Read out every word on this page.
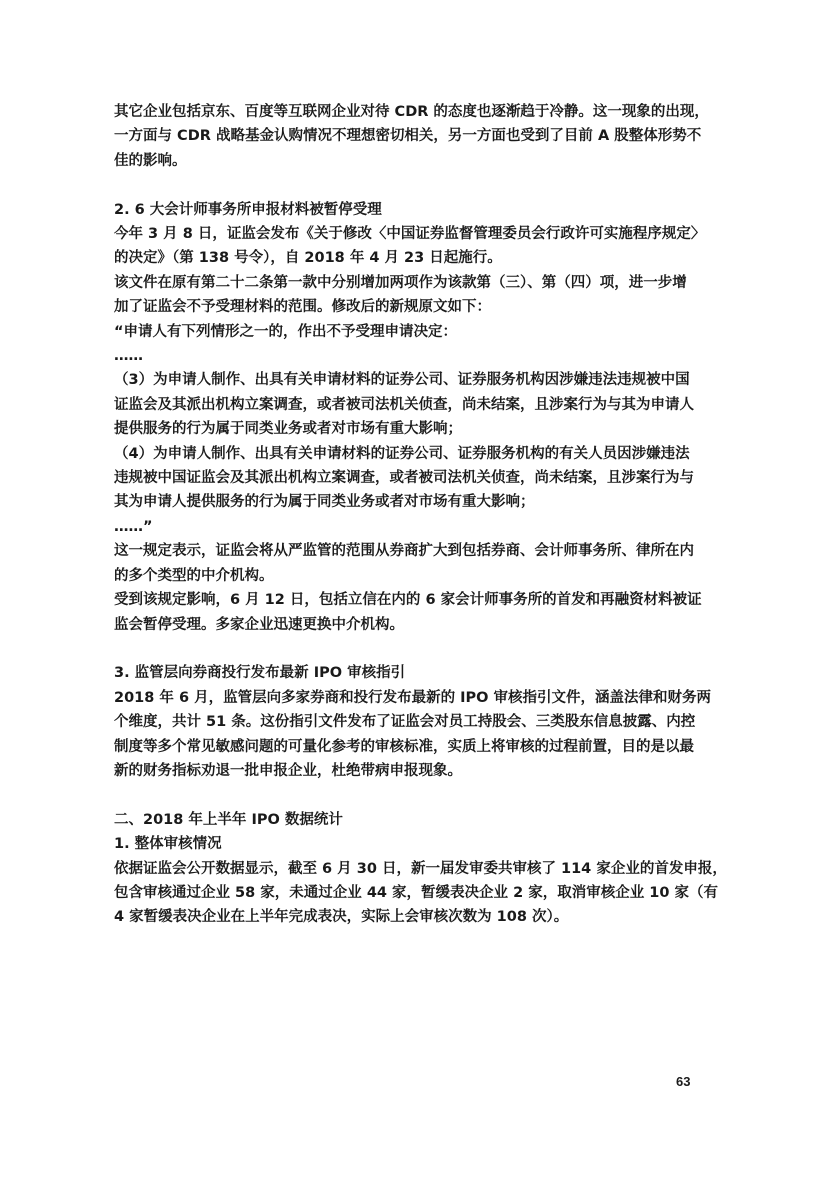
其它企业包括京东、百度等互联网企业对待 CDR 的态度也逐渐趋于冷静。这一现象的出现，

一方面与 CDR 战略基金认购情况不理想密切相关，另一方面也受到了目前 A 股整体形势不

佳的影响。

2. 6 大会计师事务所申报材料被暂停受理

今年 3 月 8 日，证监会发布《关于修改〈中国证券监督管理委员会行政许可实施程序规定〉

的决定》（第 138 号令），自 2018 年 4 月 23 日起施行。

该文件在原有第二十二条第一款中分别增加两项作为该款第（三）、第（四）项，进一步增

加了证监会不予受理材料的范围。修改后的新规原文如下：

“申请人有下列情形之一的，作出不予受理申请决定：

……

（3）为申请人制作、出具有关申请材料的证券公司、证券服务机构因涉嫌违法违规被中国

证监会及其派出机构立案调查，或者被司法机关侦查，尚未结案，且涉案行为与其为申请人

提供服务的行为属于同类业务或者对市场有重大影响；

（4）为申请人制作、出具有关申请材料的证券公司、证券服务机构的有关人员因涉嫌违法

违规被中国证监会及其派出机构立案调查，或者被司法机关侦查，尚未结案，且涉案行为与

其为申请人提供服务的行为属于同类业务或者对市场有重大影响；

……”

这一规定表示，证监会将从严监管的范围从券商扩大到包括券商、会计师事务所、律所在内

的多个类型的中介机构。

受到该规定影响，6 月 12 日，包括立信在内的 6 家会计师事务所的首发和再融资材料被证

监会暂停受理。多家企业迅速更换中介机构。

3. 监管层向券商投行发布最新 IPO 审核指引

2018 年 6 月，监管层向多家券商和投行发布最新的 IPO 审核指引文件，涵盖法律和财务两

个维度，共计 51 条。这份指引文件发布了证监会对员工持股会、三类股东信息披露、内控

制度等多个常见敏感问题的可量化参考的审核标准，实质上将审核的过程前置，目的是以最

新的财务指标劝退一批申报企业，杜绝带病申报现象。

二、2018 年上半年 IPO 数据统计

1. 整体审核情况

依据证监会公开数据显示，截至 6 月 30 日，新一届发审委共审核了 114 家企业的首发申报，

包含审核通过企业 58 家，未通过企业 44 家，暂缓表决企业 2 家，取消审核企业 10 家（有

4 家暂缓表决企业在上半年完成表决，实际上会审核次数为 108 次）。

63
